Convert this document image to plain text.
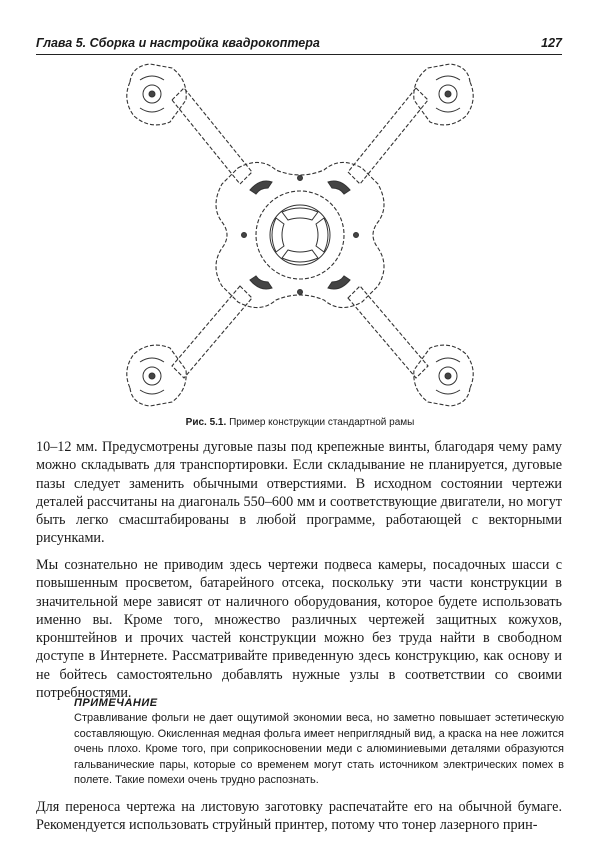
Глава 5. Сборка и настройка квадрокоптера	127
Рис. 5.1. Пример конструкции стандартной рамы

10–12 мм. Предусмотрены дуговые пазы под крепежные винты, благодаря чему раму можно складывать для транспортировки. Если складывание не планируется, дуговые пазы следует заменить обычными отверстиями. В исходном состоянии чертежи деталей рассчитаны на диагональ 550–600 мм и соответствующие двигатели, но могут быть легко смасштабированы в любой программе, работающей с векторными рисунками.

Мы сознательно не приводим здесь чертежи подвеса камеры, посадочных шасси с повышенным просветом, батарейного отсека, поскольку эти части конструкции в значительной мере зависят от наличного оборудования, которое будете использовать именно вы. Кроме того, множество различных чертежей защитных кожухов, кронштейнов и прочих частей конструкции можно без труда найти в свободном доступе в Интернете. Рассматривайте приведенную здесь конструкцию, как основу и не бойтесь самостоятельно добавлять нужные узлы в соответствии со своими потребностями.

ПРИМЕЧАНИЕ

Стравливание фольги не дает ощутимой экономии веса, но заметно повышает эстетическую составляющую. Окисленная медная фольга имеет неприглядный вид, а краска на нее ложится очень плохо. Кроме того, при соприкосновении меди с алюминиевыми деталями образуются гальванические пары, которые со временем могут стать источником электрических помех в полете. Такие помехи очень трудно распознать.

Для переноса чертежа на листовую заготовку распечатайте его на обычной бумаге. Рекомендуется использовать струйный принтер, потому что тонер лазерного прин-
